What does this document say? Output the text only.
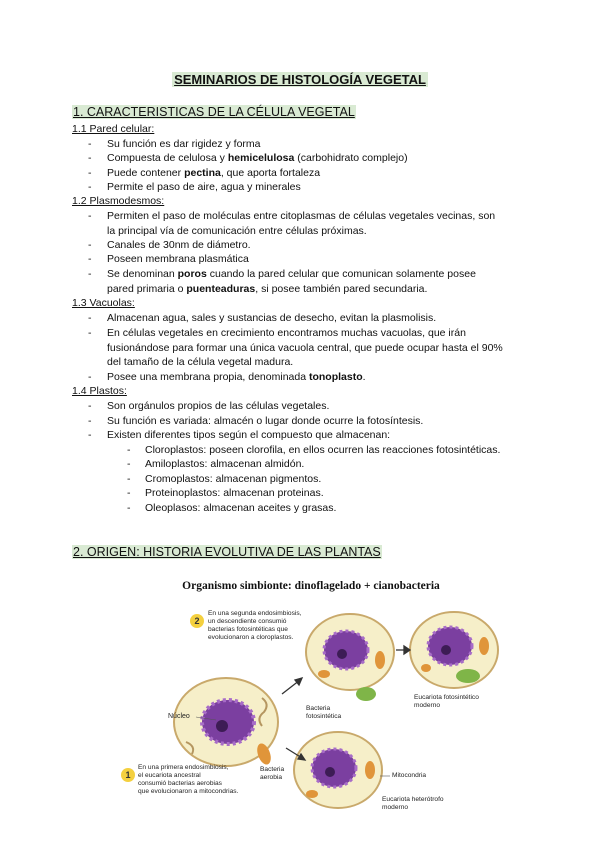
SEMINARIOS DE HISTOLOGÍA VEGETAL
1. CARACTERISTICAS DE LA CÉLULA VEGETAL
1.1 Pared celular:
- Su función es dar rigidez y forma
- Compuesta de celulosa y hemicelulosa (carbohidrato complejo)
- Puede contener pectina, que aporta fortaleza
- Permite el paso de aire, agua y minerales
1.2 Plasmodesmos:
- Permiten el paso de moléculas entre citoplasmas de células vegetales vecinas, son
la principal vía de comunicación entre células próximas.
- Canales de 30nm de diámetro.
- Poseen membrana plasmática
- Se denominan poros cuando la pared celular que comunican solamente posee
pared primaria o puenteaduras, si posee también pared secundaria.
1.3 Vacuolas:
- Almacenan agua, sales y sustancias de desecho, evitan la plasmolisis.
- En células vegetales en crecimiento encontramos muchas vacuolas, que irán
fusionándose para formar una única vacuola central, que puede ocupar hasta el 90%
del tamaño de la célula vegetal madura.
- Posee una membrana propia, denominada tonoplasto.
1.4 Plastos:
- Son orgánulos propios de las células vegetales.
- Su función es variada: almacén o lugar donde ocurre la fotosíntesis.
- Existen diferentes tipos según el compuesto que almacenan:
- Cloroplastos: poseen clorofila, en ellos ocurren las reacciones fotosintéticas.
- Amiloplastos: almacenan almidón.
- Cromoplastos: almacenan pigmentos.
- Proteinoplastos: almacenan proteinas.
- Oleoplasos: almacenan aceites y grasas.
2. ORIGEN: HISTORIA EVOLUTIVA DE LAS PLANTAS
Organismo simbionte: dinoflagelado + cianobacteria
2
En una segunda endosimbiosis,
un descendiente consumió
bacterias fotosintéticas que
evolucionaron a cloroplastos.
1
En una primera endosimbiosis,
el eucariota ancestral
consumió bacterias aerobias
que evolucionaron a mitocondrias.
Núcleo
Bacteria
fotosintética
Bacteria
aerobia
Eucariota fotosintético
moderno
Mitocondria
Eucariota heterótrofo
moderno
